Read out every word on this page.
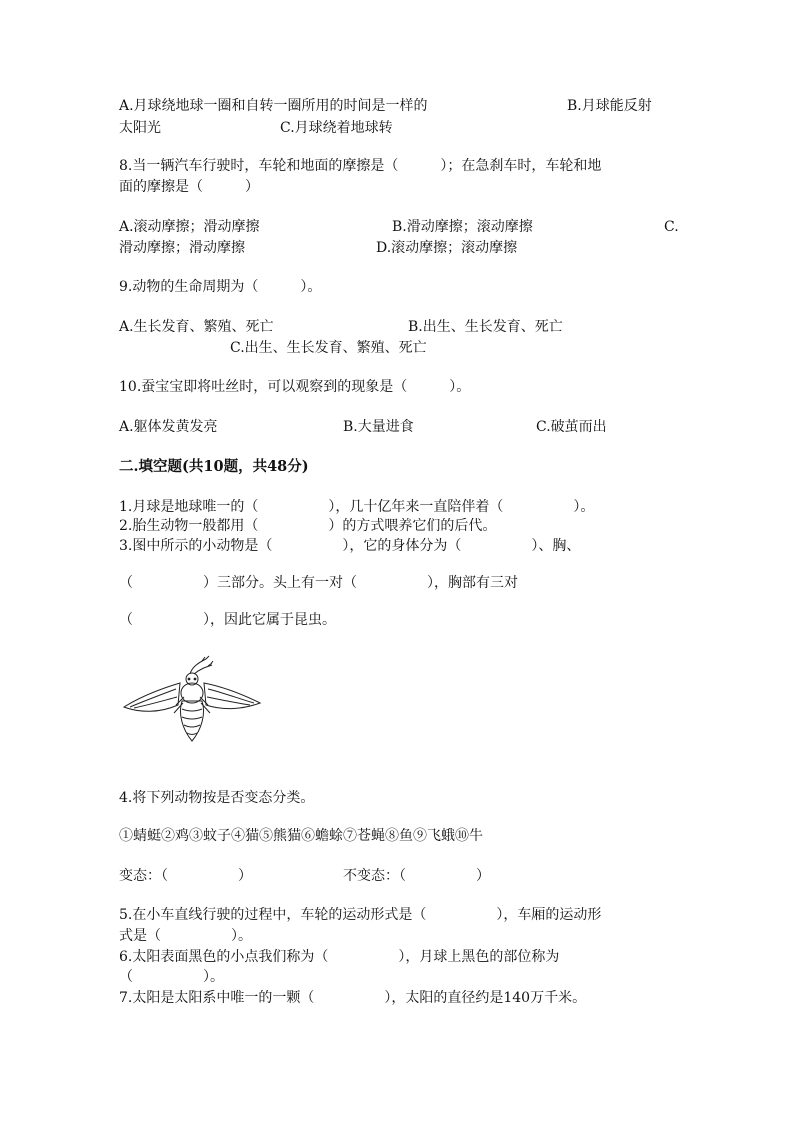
A.月球绕地球一圈和自转一圈所用的时间是一样的	B.月球能反射
太阳光	C.月球绕着地球转
8.当一辆汽车行驶时，车轮和地面的摩擦是（　　　）；在急刹车时，车轮和地
面的摩擦是（　　　）
A.滚动摩擦；滑动摩擦	B.滑动摩擦；滚动摩擦	C.
滑动摩擦；滑动摩擦	D.滚动摩擦；滚动摩擦
9.动物的生命周期为（　　　）。
A.生长发育、繁殖、死亡	B.出生、生长发育、死亡
C.出生、生长发育、繁殖、死亡
10.蚕宝宝即将吐丝时，可以观察到的现象是（　　　）。
A.躯体发黄发亮	B.大量进食	C.破茧而出
二.填空题(共10题，共48分)
1.月球是地球唯一的（　　　　　），几十亿年来一直陪伴着（　　　　　）。
2.胎生动物一般都用（　　　　　）的方式喂养它们的后代。
3.图中所示的小动物是（　　　　　），它的身体分为（　　　　　）、胸、
（　　　　　）三部分。头上有一对（　　　　　），胸部有三对
（　　　　　），因此它属于昆虫。
4.将下列动物按是否变态分类。
①蜻蜓②鸡③蚊子④猫⑤熊猫⑥蟾蜍⑦苍蝇⑧鱼⑨飞蛾⑩牛
变态：（　　　　　）	不变态：（　　　　　）
5.在小车直线行驶的过程中，车轮的运动形式是（　　　　　），车厢的运动形
式是（　　　　　）。
6.太阳表面黑色的小点我们称为（　　　　　），月球上黑色的部位称为
（　　　　　）。
7.太阳是太阳系中唯一的一颗（　　　　　），太阳的直径约是140万千米。
